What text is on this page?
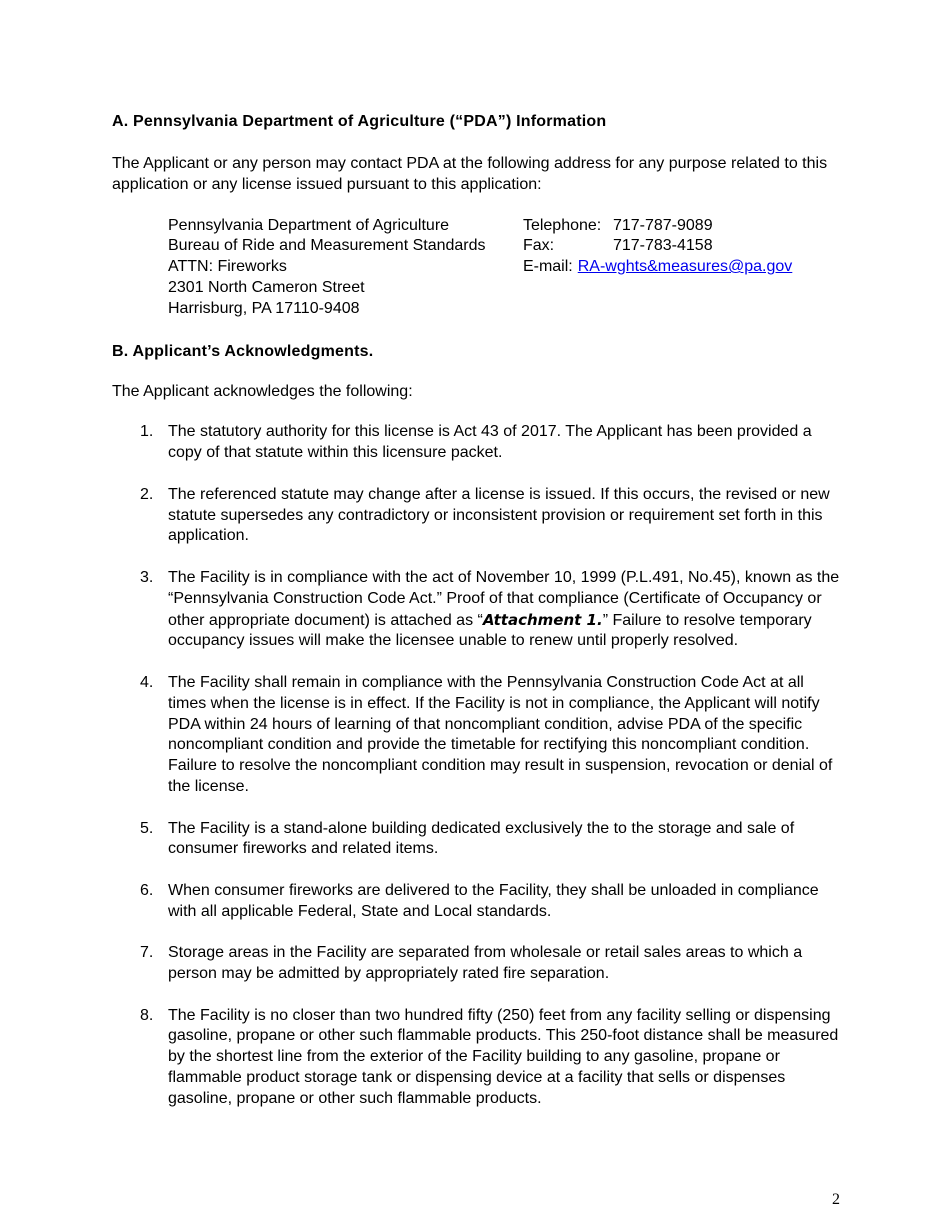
A. Pennsylvania Department of Agriculture (“PDA”) Information

The Applicant or any person may contact PDA at the following address for any purpose related to this application or any license issued pursuant to this application:

Pennsylvania Department of Agriculture
Bureau of Ride and Measurement Standards
ATTN: Fireworks
2301 North Cameron Street
Harrisburg, PA 17110-9408
Telephone: 717-787-9089
Fax:	717-783-4158
E-mail: RA-wghts&measures@pa.gov
B. Applicant’s Acknowledgments.

The Applicant acknowledges the following:

1. The statutory authority for this license is Act 43 of 2017. The Applicant has been provided a copy of that statute within this licensure packet.
2. The referenced statute may change after a license is issued. If this occurs, the revised or new statute supersedes any contradictory or inconsistent provision or requirement set forth in this application.
3. The Facility is in compliance with the act of November 10, 1999 (P.L.491, No.45), known as the “Pennsylvania Construction Code Act.” Proof of that compliance (Certificate of Occupancy or other appropriate document) is attached as “Attachment 1.” Failure to resolve temporary occupancy issues will make the licensee unable to renew until properly resolved.
4. The Facility shall remain in compliance with the Pennsylvania Construction Code Act at all times when the license is in effect. If the Facility is not in compliance, the Applicant will notify PDA within 24 hours of learning of that noncompliant condition, advise PDA of the specific noncompliant condition and provide the timetable for rectifying this noncompliant condition. Failure to resolve the noncompliant condition may result in suspension, revocation or denial of the license.
5. The Facility is a stand-alone building dedicated exclusively the to the storage and sale of consumer fireworks and related items.
6. When consumer fireworks are delivered to the Facility, they shall be unloaded in compliance with all applicable Federal, State and Local standards.
7. Storage areas in the Facility are separated from wholesale or retail sales areas to which a person may be admitted by appropriately rated fire separation.
8. The Facility is no closer than two hundred fifty (250) feet from any facility selling or dispensing gasoline, propane or other such flammable products. This 250-foot distance shall be measured by the shortest line from the exterior of the Facility building to any gasoline, propane or flammable product storage tank or dispensing device at a facility that sells or dispenses gasoline, propane or other such flammable products.
2
